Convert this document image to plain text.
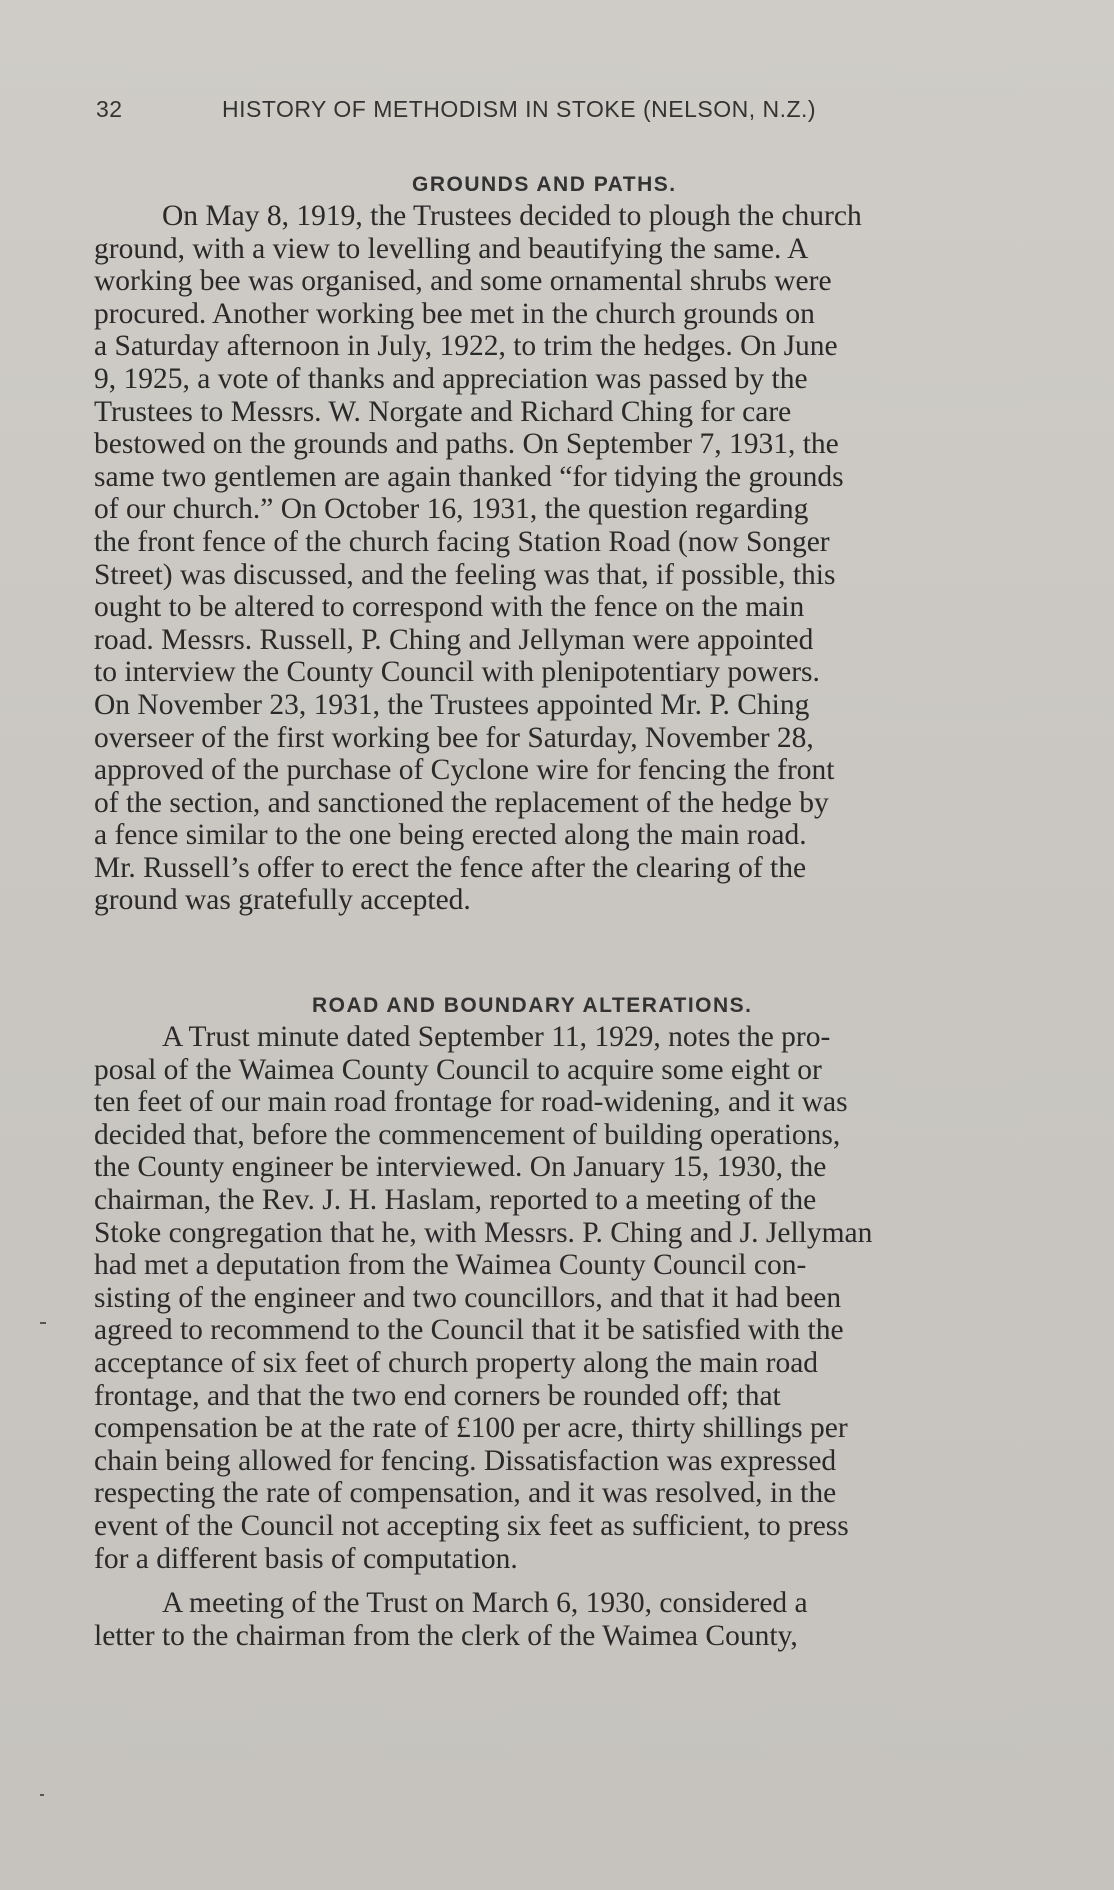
32	HISTORY OF METHODISM IN STOKE (NELSON, N.Z.)
GROUNDS AND PATHS.
On May 8, 1919, the Trustees decided to plough the church
ground, with a view to levelling and beautifying the same. A
working bee was organised, and some ornamental shrubs were
procured. Another working bee met in the church grounds on
a Saturday afternoon in July, 1922, to trim the hedges. On June
9, 1925, a vote of thanks and appreciation was passed by the
Trustees to Messrs. W. Norgate and Richard Ching for care
bestowed on the grounds and paths. On September 7, 1931, the
same two gentlemen are again thanked “for tidying the grounds
of our church.” On October 16, 1931, the question regarding
the front fence of the church facing Station Road (now Songer
Street) was discussed, and the feeling was that, if possible, this
ought to be altered to correspond with the fence on the main
road. Messrs. Russell, P. Ching and Jellyman were appointed
to interview the County Council with plenipotentiary powers.
On November 23, 1931, the Trustees appointed Mr. P. Ching
overseer of the first working bee for Saturday, November 28,
approved of the purchase of Cyclone wire for fencing the front
of the section, and sanctioned the replacement of the hedge by
a fence similar to the one being erected along the main road.
Mr. Russell’s offer to erect the fence after the clearing of the
ground was gratefully accepted.
ROAD AND BOUNDARY ALTERATIONS.
A Trust minute dated September 11, 1929, notes the pro-
posal of the Waimea County Council to acquire some eight or
ten feet of our main road frontage for road-widening, and it was
decided that, before the commencement of building operations,
the County engineer be interviewed. On January 15, 1930, the
chairman, the Rev. J. H. Haslam, reported to a meeting of the
Stoke congregation that he, with Messrs. P. Ching and J. Jellyman
had met a deputation from the Waimea County Council con-
sisting of the engineer and two councillors, and that it had been
agreed to recommend to the Council that it be satisfied with the
acceptance of six feet of church property along the main road
frontage, and that the two end corners be rounded off; that
compensation be at the rate of £100 per acre, thirty shillings per
chain being allowed for fencing. Dissatisfaction was expressed
respecting the rate of compensation, and it was resolved, in the
event of the Council not accepting six feet as sufficient, to press
for a different basis of computation.
A meeting of the Trust on March 6, 1930, considered a
letter to the chairman from the clerk of the Waimea County,
